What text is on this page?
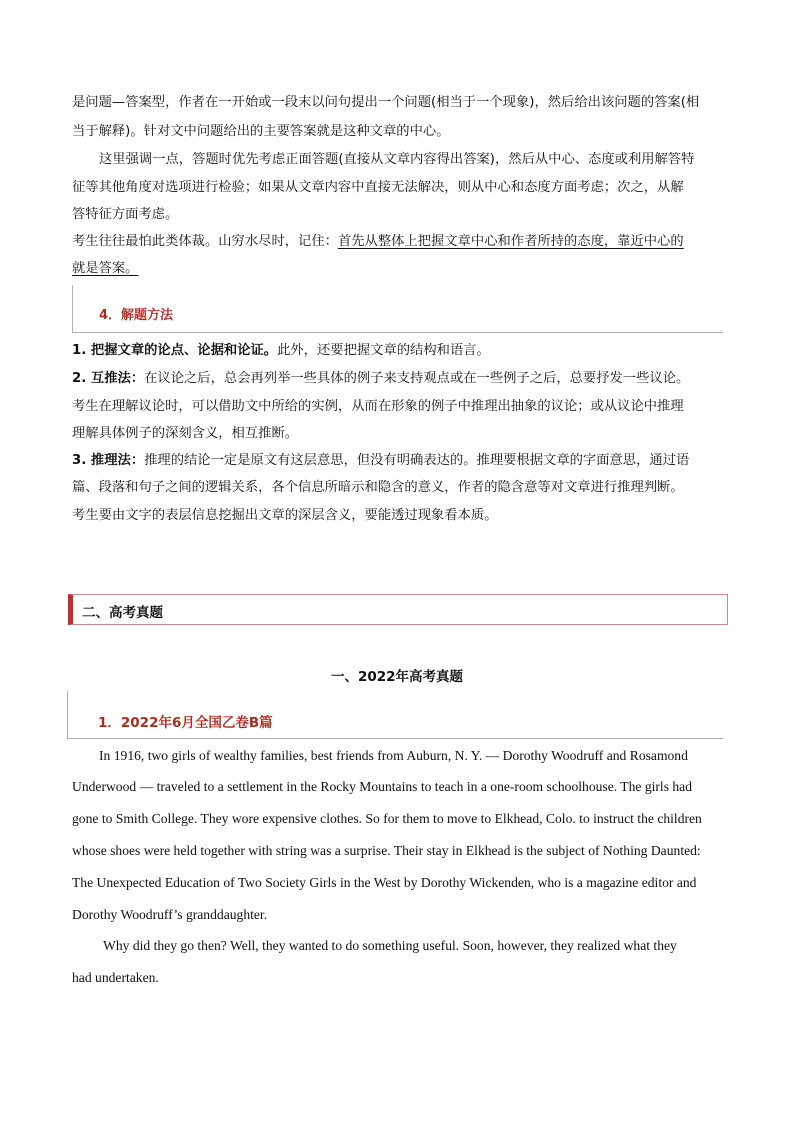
是问题—答案型，作者在一开始或一段末以问句提出一个问题(相当于一个现象)，然后给出该问题的答案(相

当于解释)。针对文中问题给出的主要答案就是这种文章的中心。

这里强调一点，答题时优先考虑正面答题(直接从文章内容得出答案)，然后从中心、态度或利用解答特

征等其他角度对选项进行检验；如果从文章内容中直接无法解决，则从中心和态度方面考虑；次之，从解

答特征方面考虑。

考生往往最怕此类体裁。山穷水尽时，记住：首先从整体上把握文章中心和作者所持的态度，靠近中心的

就是答案。

4．解题方法

1. 把握文章的论点、论据和论证。此外，还要把握文章的结构和语言。

2. 互推法：在议论之后，总会再列举一些具体的例子来支持观点或在一些例子之后，总要抒发一些议论。

考生在理解议论时，可以借助文中所给的实例，从而在形象的例子中推理出抽象的议论；或从议论中推理

理解具体例子的深刻含义，相互推断。

3. 推理法：推理的结论一定是原文有这层意思，但没有明确表达的。推理要根据文章的字面意思，通过语

篇、段落和句子之间的逻辑关系，各个信息所暗示和隐含的意义，作者的隐含意等对文章进行推理判断。

考生要由文字的表层信息挖掘出文章的深层含义，要能透过现象看本质。

二、高考真题
一、2022年高考真题
1．2022年6月全国乙卷B篇

In 1916, two girls of wealthy families, best friends from Auburn, N. Y. — Dorothy Woodruff and Rosamond

Underwood — traveled to a settlement in the Rocky Mountains to teach in a one-room schoolhouse. The girls had

gone to Smith College. They wore expensive clothes. So for them to move to Elkhead, Colo. to instruct the children

whose shoes were held together with string was a surprise. Their stay in Elkhead is the subject of Nothing Daunted:

The Unexpected Education of Two Society Girls in the West by Dorothy Wickenden, who is a magazine editor and

Dorothy Woodruff’s granddaughter.

Why did they go then? Well, they wanted to do something useful. Soon, however, they realized what they

had undertaken.
